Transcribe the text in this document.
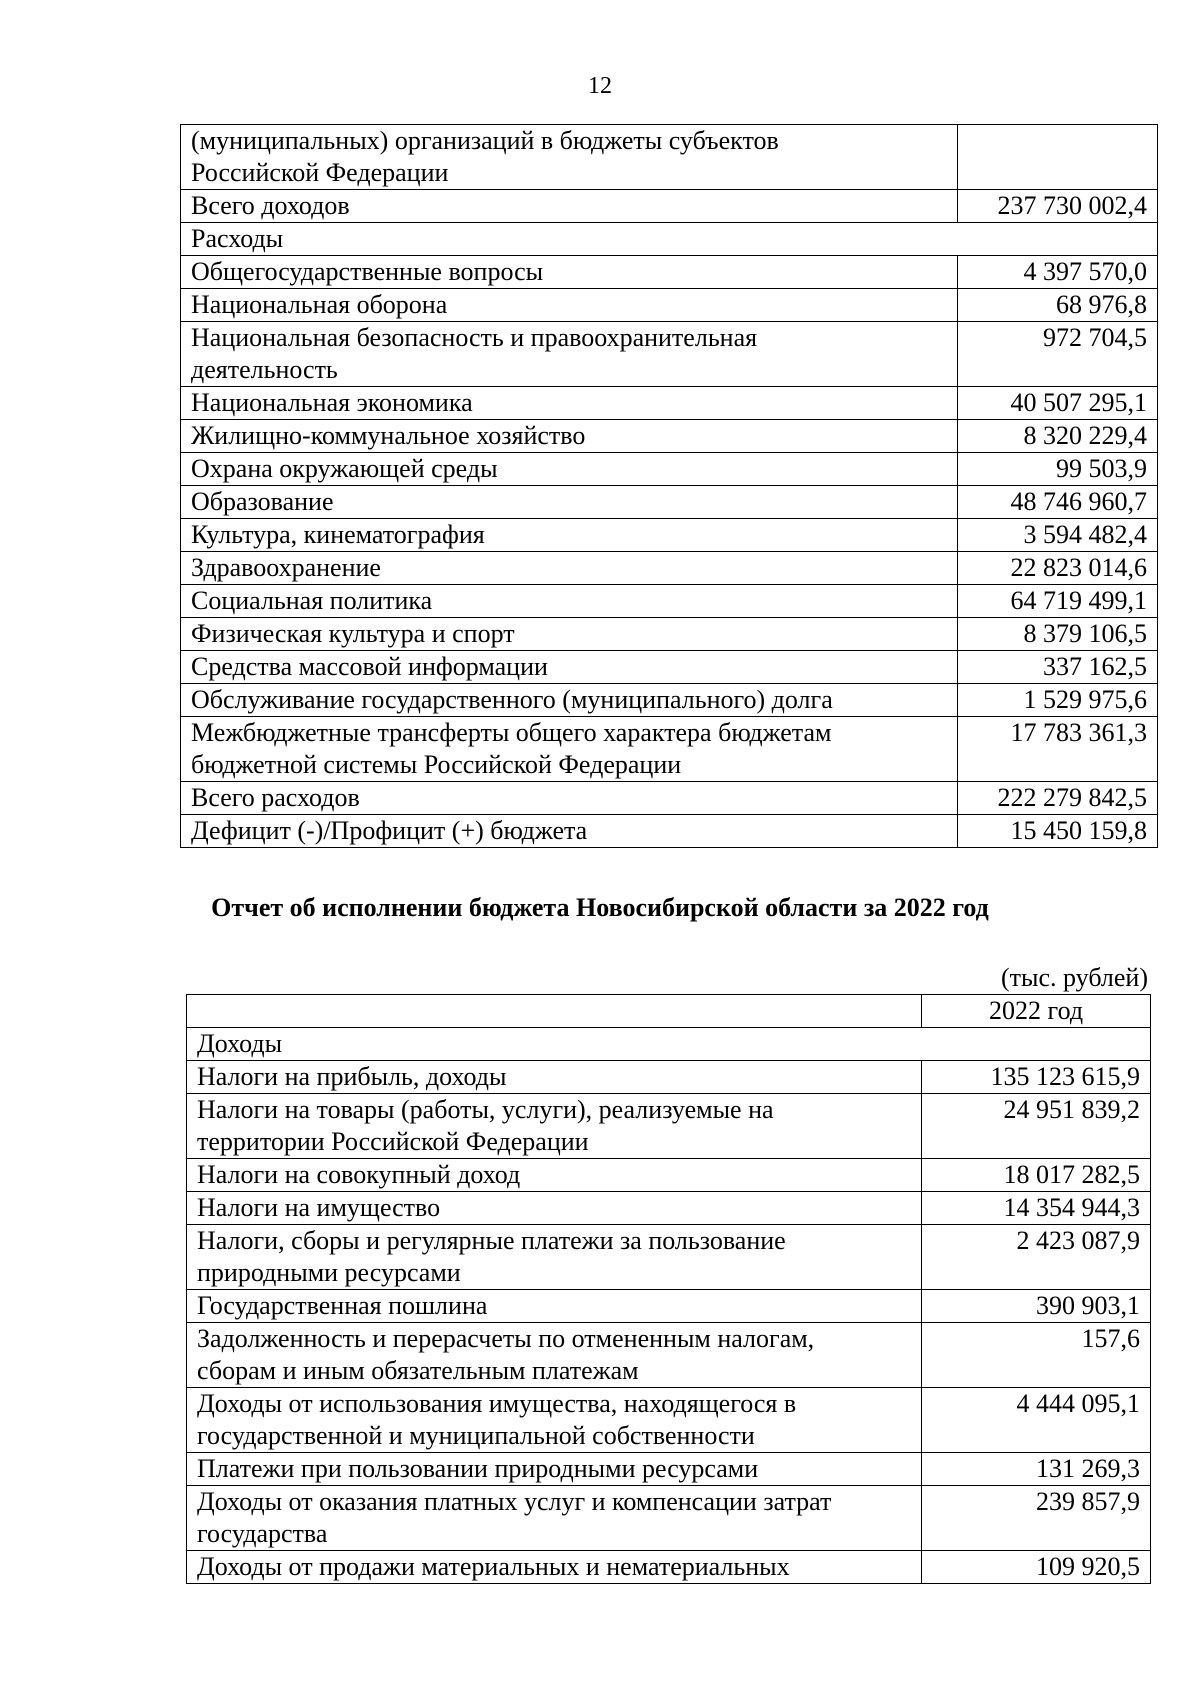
12
(муниципальных) организаций в бюджеты субъектов
Российской Федерации	
Всего доходов	237 730 002,4
Расходы	
Общегосударственные вопросы	4 397 570,0
Национальная оборона	68 976,8
Национальная безопасность и правоохранительная
деятельность	972 704,5
Национальная экономика	40 507 295,1
Жилищно-коммунальное хозяйство	8 320 229,4
Охрана окружающей среды	99 503,9
Образование	48 746 960,7
Культура, кинематография	3 594 482,4
Здравоохранение	22 823 014,6
Социальная политика	64 719 499,1
Физическая культура и спорт	8 379 106,5
Средства массовой информации	337 162,5
Обслуживание государственного (муниципального) долга	1 529 975,6
Межбюджетные трансферты общего характера бюджетам
бюджетной системы Российской Федерации	17 783 361,3
Всего расходов	222 279 842,5
Дефицит (-)/Профицит (+) бюджета	15 450 159,8
Отчет об исполнении бюджета Новосибирской области за 2022 год
(тыс. рублей)
	2022 год
Доходы	
Налоги на прибыль, доходы	135 123 615,9
Налоги на товары (работы, услуги), реализуемые на
территории Российской Федерации	24 951 839,2
Налоги на совокупный доход	18 017 282,5
Налоги на имущество	14 354 944,3
Налоги, сборы и регулярные платежи за пользование
природными ресурсами	2 423 087,9
Государственная пошлина	390 903,1
Задолженность и перерасчеты по отмененным налогам,
сборам и иным обязательным платежам	157,6
Доходы от использования имущества, находящегося в
государственной и муниципальной собственности	4 444 095,1
Платежи при пользовании природными ресурсами	131 269,3
Доходы от оказания платных услуг и компенсации затрат
государства	239 857,9
Доходы от продажи материальных и нематериальных	109 920,5
